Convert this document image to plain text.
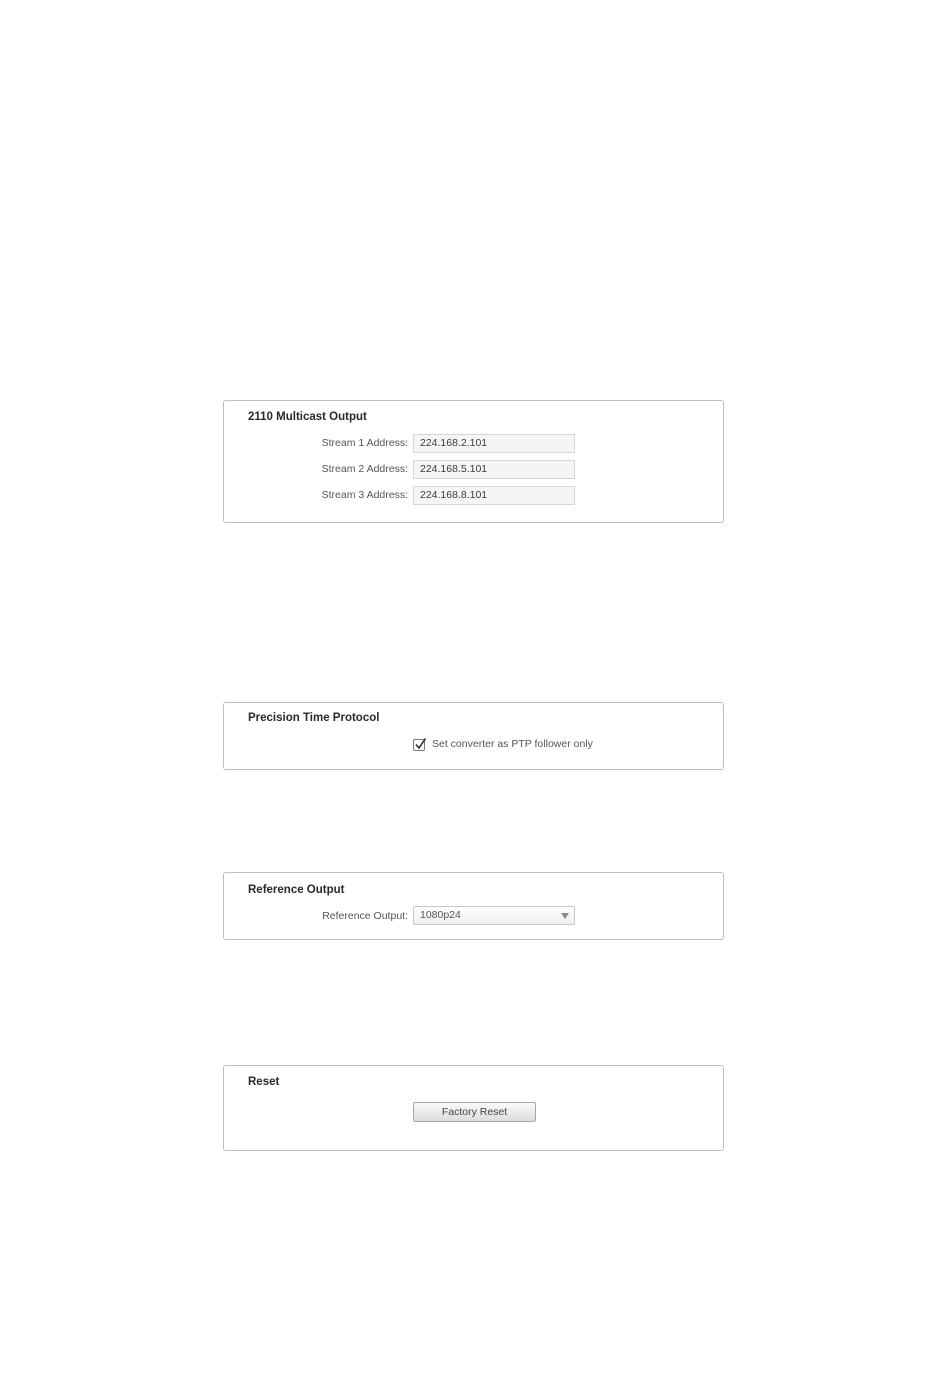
2110 Multicast Output
Stream 1 Address:	224.168.2.101
Stream 2 Address:	224.168.5.101
Stream 3 Address:	224.168.8.101
Precision Time Protocol
Set converter as PTP follower only
Reference Output
Reference Output:	1080p24
Reset
Factory Reset
